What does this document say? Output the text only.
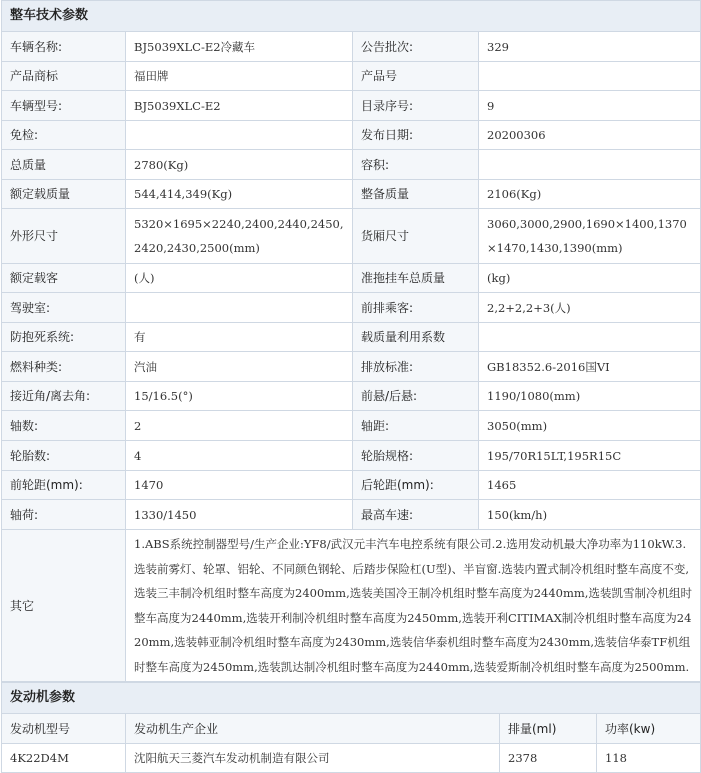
整车技术参数			
车辆名称:	BJ5039XLC-E2冷藏车	公告批次:	329
产品商标	福田牌	产品号	
车辆型号:	BJ5039XLC-E2	目录序号:	9
免检:		发布日期:	20200306
总质量	2780(Kg)	容积:	
额定载质量	544,414,349(Kg)	整备质量	2106(Kg)
外形尺寸	5320×1695×2240,2400,2440,2450,2420,2430,2500(mm)	货厢尺寸	3060,3000,2900,1690×1400,1370×1470,1430,1390(mm)
额定载客	(人)	准拖挂车总质量	(kg)
驾驶室:		前排乘客:	2,2+2,2+3(人)
防抱死系统:	有	载质量利用系数	
燃料种类:	汽油	排放标准:	GB18352.6-2016国VI
接近角/离去角:	15/16.5(°)	前悬/后悬:	1190/1080(mm)
轴数:	2	轴距:	3050(mm)
轮胎数:	4	轮胎规格:	195/70R15LT,195R15C
前轮距(mm):	1470	后轮距(mm):	1465
轴荷:	1330/1450	最高车速:	150(km/h)
其它	1.ABS系统控制器型号/生产企业:YF8/武汉元丰汽车电控系统有限公司.2.选用发动机最大净功率为110kW.3.选装前雾灯、轮罩、铝轮、不同颜色钢轮、后踏步保险杠(U型)、半盲窗.选装内置式制冷机组时整车高度不变,选装三丰制冷机组时整车高度为2400mm,选装美国冷王制冷机组时整车高度为2440mm,选装凯雪制冷机组时整车高度为2440mm,选装开利制冷机组时整车高度为2450mm,选装开利CITIMAX制冷机组时整车高度为2420mm,选装韩亚制冷机组时整车高度为2430mm,选装信华泰机组时整车高度为2430mm,选装信华泰TF机组时整车高度为2450mm,选装凯达制冷机组时整车高度为2440mm,选装爱斯制冷机组时整车高度为2500mm.		
发动机参数			
发动机型号	发动机生产企业	排量(ml)	功率(kw)
4K22D4M	沈阳航天三菱汽车发动机制造有限公司	2378	118
